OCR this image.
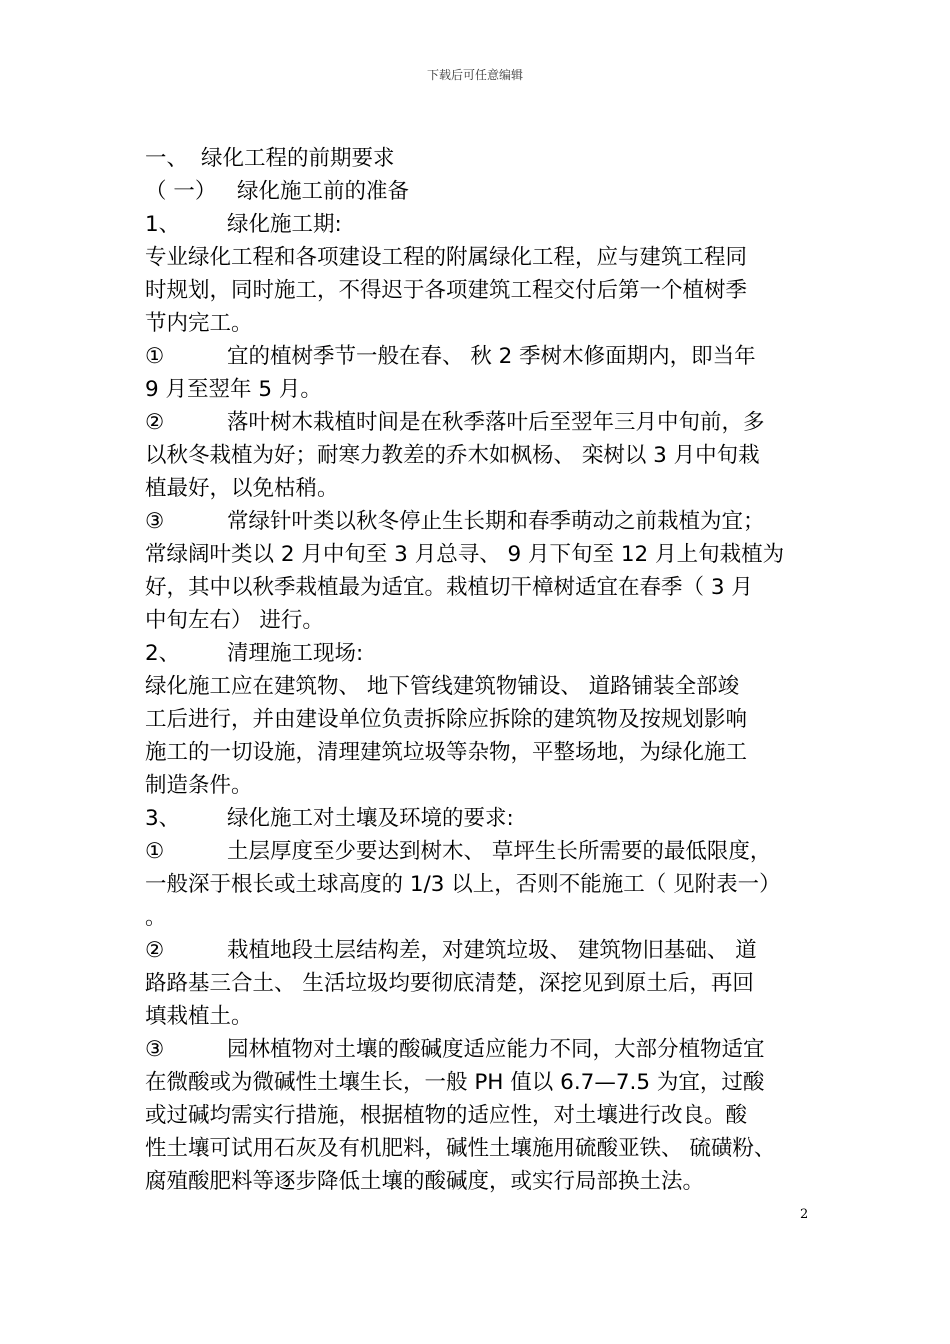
下载后可任意编辑
一、 绿化工程的前期要求
（ 一） 绿化施工前的准备
1、 绿化施工期:
专业绿化工程和各项建设工程的附属绿化工程，应与建筑工程同
时规划，同时施工，不得迟于各项建筑工程交付后第一个植树季
节内完工。
①	宜的植树季节一般在春、 秋 2 季树木修面期内，即当年
9 月至翌年 5 月。
②	落叶树木栽植时间是在秋季落叶后至翌年三月中旬前，多
以秋冬栽植为好；耐寒力教差的乔木如枫杨、 栾树以 3 月中旬栽
植最好，以免枯稍。
③	常绿针叶类以秋冬停止生长期和春季萌动之前栽植为宜；
常绿阔叶类以 2 月中旬至 3 月总寻、 9 月下旬至 12 月上旬栽植为
好，其中以秋季栽植最为适宜。栽植切干樟树适宜在春季（ 3 月
中旬左右） 进行。
2、 清理施工现场:
绿化施工应在建筑物、 地下管线建筑物铺设、 道路铺装全部竣
工后进行，并由建设单位负责拆除应拆除的建筑物及按规划影响
施工的一切设施，清理建筑垃圾等杂物，平整场地，为绿化施工
制造条件。
3、 绿化施工对土壤及环境的要求:
①	土层厚度至少要达到树木、 草坪生长所需要的最低限度，
一般深于根长或土球高度的 1/3 以上，否则不能施工（ 见附表一）
。
②	栽植地段土层结构差，对建筑垃圾、 建筑物旧基础、 道
路路基三合土、 生活垃圾均要彻底清楚，深挖见到原土后，再回
填栽植土。
③	园林植物对土壤的酸碱度适应能力不同，大部分植物适宜
在微酸或为微碱性土壤生长，一般 PH 值以 6.7—7.5 为宜，过酸
或过碱均需实行措施，根据植物的适应性，对土壤进行改良。酸
性土壤可试用石灰及有机肥料，碱性土壤施用硫酸亚铁、 硫磺粉、
腐殖酸肥料等逐步降低土壤的酸碱度，或实行局部换土法。
2
